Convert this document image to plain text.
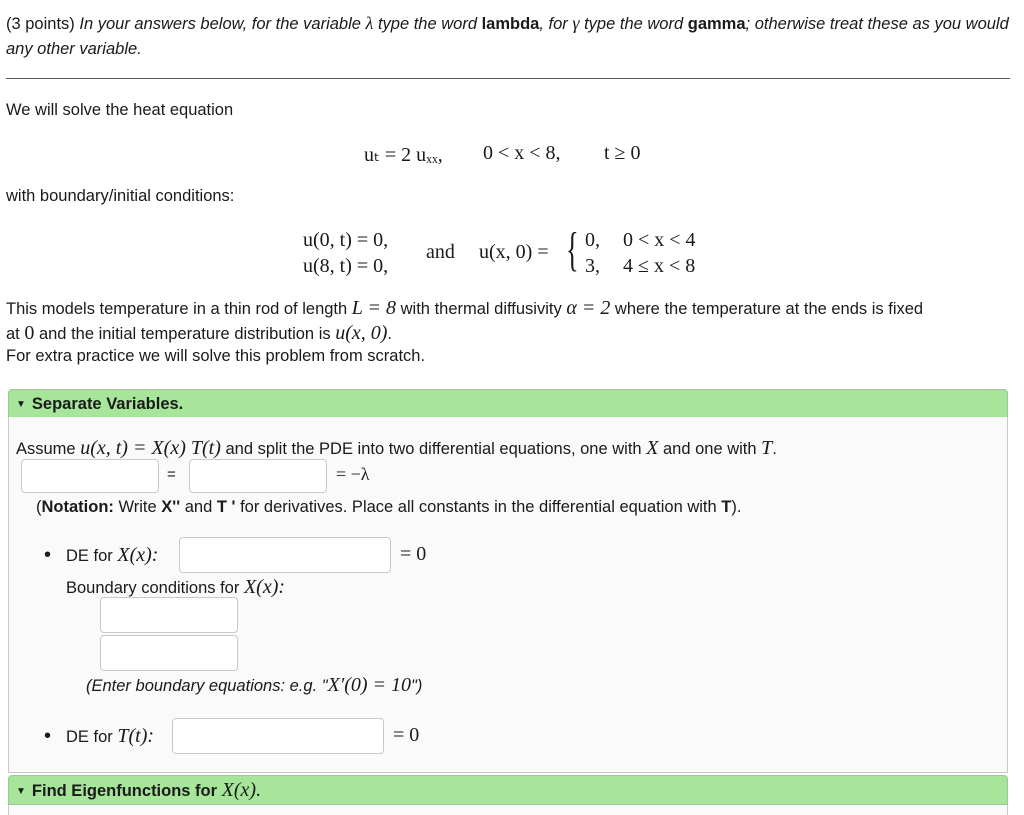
(3 points) In your answers below, for the variable λ type the word lambda, for γ type the word gamma; otherwise treat these as you would any other variable.
We will solve the heat equation
uₜ = 2 uₓₓ, 0 < x < 8, t ≥ 0
with boundary/initial conditions:
u(0, t) = 0,
u(8, t) = 0,
and u(x, 0) = { 0, 0 < x < 4
3, 4 ≤ x < 8
This models temperature in a thin rod of length L = 8 with thermal diffusivity α = 2 where the temperature at the ends is fixed
at 0 and the initial temperature distribution is u(x, 0).
For extra practice we will solve this problem from scratch.
▼ Separate Variables.
Assume u(x, t) = X(x) T(t) and split the PDE into two differential equations, one with X and one with T.
=	= −λ
(Notation: Write X'' and T ' for derivatives. Place all constants in the differential equation with T).
• DE for X(x):	= 0
Boundary conditions for X(x):
(Enter boundary equations: e.g. "X′(0) = 10")
• DE for T(t):	= 0
▼ Find Eigenfunctions for X(x).
